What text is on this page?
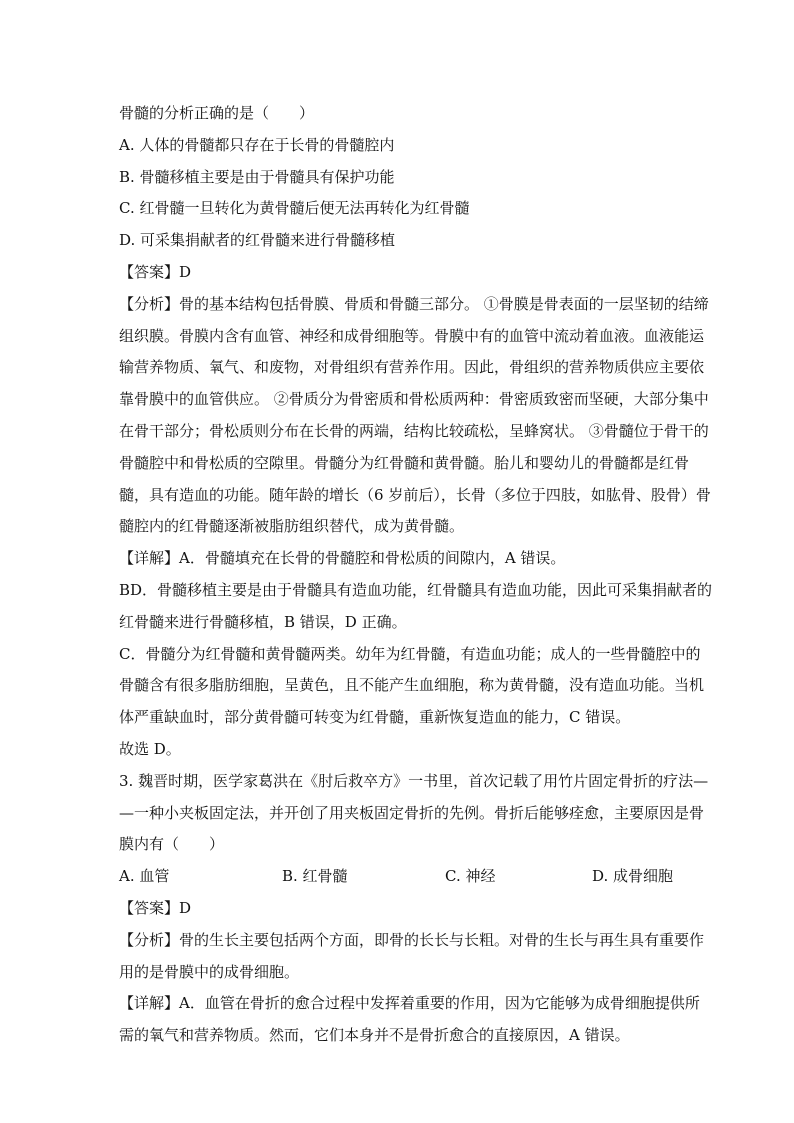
骨髓的分析正确的是（　　）
A. 人体的骨髓都只存在于长骨的骨髓腔内
B. 骨髓移植主要是由于骨髓具有保护功能
C. 红骨髓一旦转化为黄骨髓后便无法再转化为红骨髓
D. 可采集捐献者的红骨髓来进行骨髓移植
【答案】D
【分析】骨的基本结构包括骨膜、骨质和骨髓三部分。 ①骨膜是骨表面的一层坚韧的结缔
组织膜。骨膜内含有血管、神经和成骨细胞等。骨膜中有的血管中流动着血液。血液能运
输营养物质、氧气、和废物，对骨组织有营养作用。因此，骨组织的营养物质供应主要依
靠骨膜中的血管供应。 ②骨质分为骨密质和骨松质两种：骨密质致密而坚硬，大部分集中
在骨干部分；骨松质则分布在长骨的两端，结构比较疏松，呈蜂窝状。 ③骨髓位于骨干的
骨髓腔中和骨松质的空隙里。骨髓分为红骨髓和黄骨髓。胎儿和婴幼儿的骨髓都是红骨
髓，具有造血的功能。随年龄的增长（6 岁前后），长骨（多位于四肢，如肱骨、股骨）骨
髓腔内的红骨髓逐渐被脂肪组织替代，成为黄骨髓。
【详解】A．骨髓填充在长骨的骨髓腔和骨松质的间隙内，A 错误。
BD．骨髓移植主要是由于骨髓具有造血功能，红骨髓具有造血功能，因此可采集捐献者的
红骨髓来进行骨髓移植，B 错误，D 正确。
C．骨髓分为红骨髓和黄骨髓两类。幼年为红骨髓，有造血功能；成人的一些骨髓腔中的
骨髓含有很多脂肪细胞，呈黄色，且不能产生血细胞，称为黄骨髓，没有造血功能。当机
体严重缺血时，部分黄骨髓可转变为红骨髓，重新恢复造血的能力，C 错误。
故选 D。
3. 魏晋时期，医学家葛洪在《肘后救卒方》一书里，首次记载了用竹片固定骨折的疗法—
—一种小夹板固定法，并开创了用夹板固定骨折的先例。骨折后能够痊愈，主要原因是骨
膜内有（　　）
A. 血管	B. 红骨髓	C. 神经	D. 成骨细胞
【答案】D
【分析】骨的生长主要包括两个方面，即骨的长长与长粗。对骨的生长与再生具有重要作
用的是骨膜中的成骨细胞。
【详解】A．血管在骨折的愈合过程中发挥着重要的作用，因为它能够为成骨细胞提供所
需的氧气和营养物质。然而，它们本身并不是骨折愈合的直接原因，A 错误。
